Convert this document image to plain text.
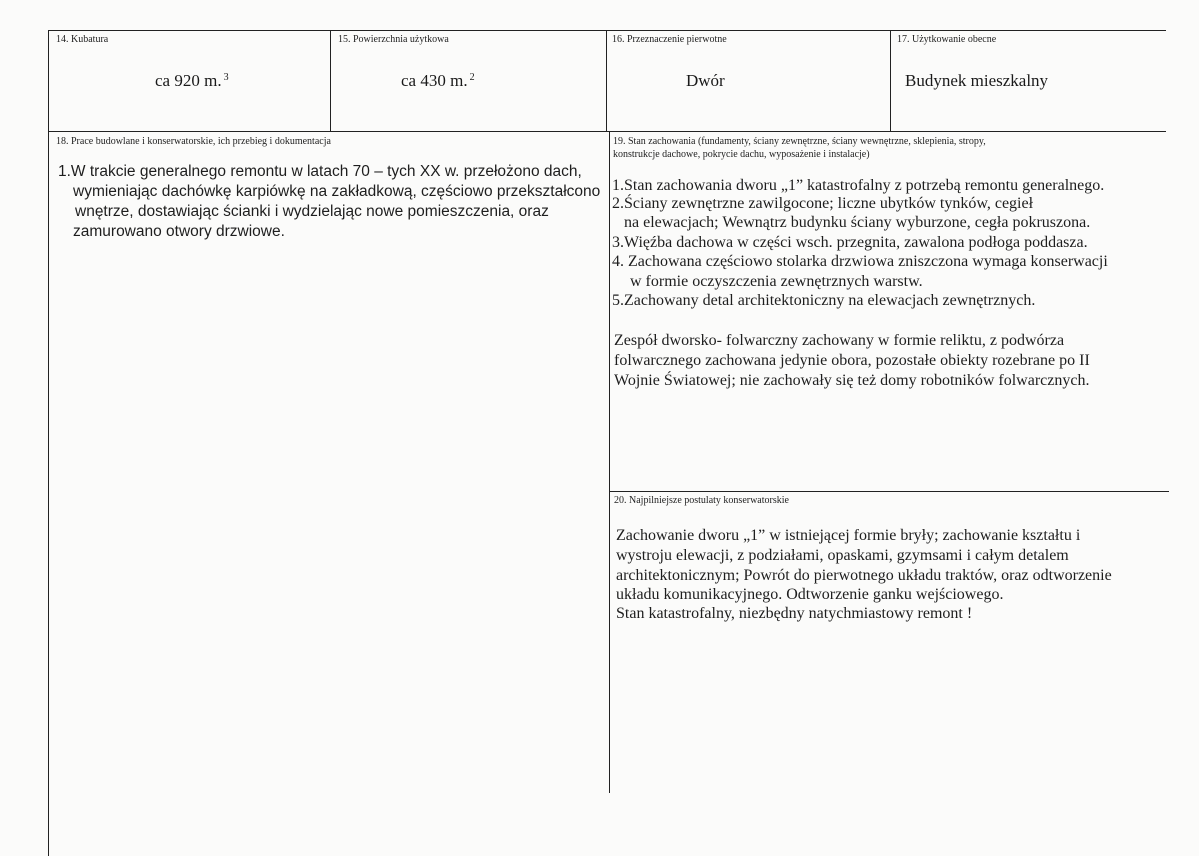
14. Kubatura
ca 920 m. $^3$
15. Powierzchnia użytkowa
ca 430 m. $^2$
16. Przeznaczenie pierwotne
Dwór
17. Użytkowanie obecne
Budynek mieszkalny
18. Prace budowlane i konserwatorskie, ich przebieg i dokumentacja
1.W trakcie generalnego remontu w latach 70 – tych XX w. przełożono dach,
wymieniając dachówkę karpiówkę na zakładkową, częściowo przekształcono
wnętrze, dostawiając ścianki i wydzielając nowe pomieszczenia, oraz
zamurowano otwory drzwiowe.
19. Stan zachowania (fundamenty, ściany zewnętrzne, ściany wewnętrzne, sklepienia, stropy,
konstrukcje dachowe, pokrycie dachu, wyposażenie i instalacje)
1.Stan zachowania dworu „1” katastrofalny z potrzebą remontu generalnego.
2.Ściany zewnętrzne zawilgocone; liczne ubytków tynków, cegieł
na elewacjach; Wewnątrz budynku ściany wyburzone, cegła pokruszona.
3.Więźba dachowa w części wsch. przegnita, zawalona podłoga poddasza.
4. Zachowana częściowo stolarka drzwiowa zniszczona wymaga konserwacji
w formie oczyszczenia zewnętrznych warstw.
5.Zachowany detal architektoniczny na elewacjach zewnętrznych.
Zespół dworsko- folwarczny zachowany w formie reliktu, z podwórza
folwarcznego zachowana jedynie obora, pozostałe obiekty rozebrane po II
Wojnie Światowej; nie zachowały się też domy robotników folwarcznych.
20. Najpilniejsze postulaty konserwatorskie
Zachowanie dworu „1” w istniejącej formie bryły; zachowanie kształtu i
wystroju elewacji, z podziałami, opaskami, gzymsami i całym detalem
architektonicznym; Powrót do pierwotnego układu traktów, oraz odtworzenie
układu komunikacyjnego. Odtworzenie ganku wejściowego.
Stan katastrofalny, niezbędny natychmiastowy remont !
